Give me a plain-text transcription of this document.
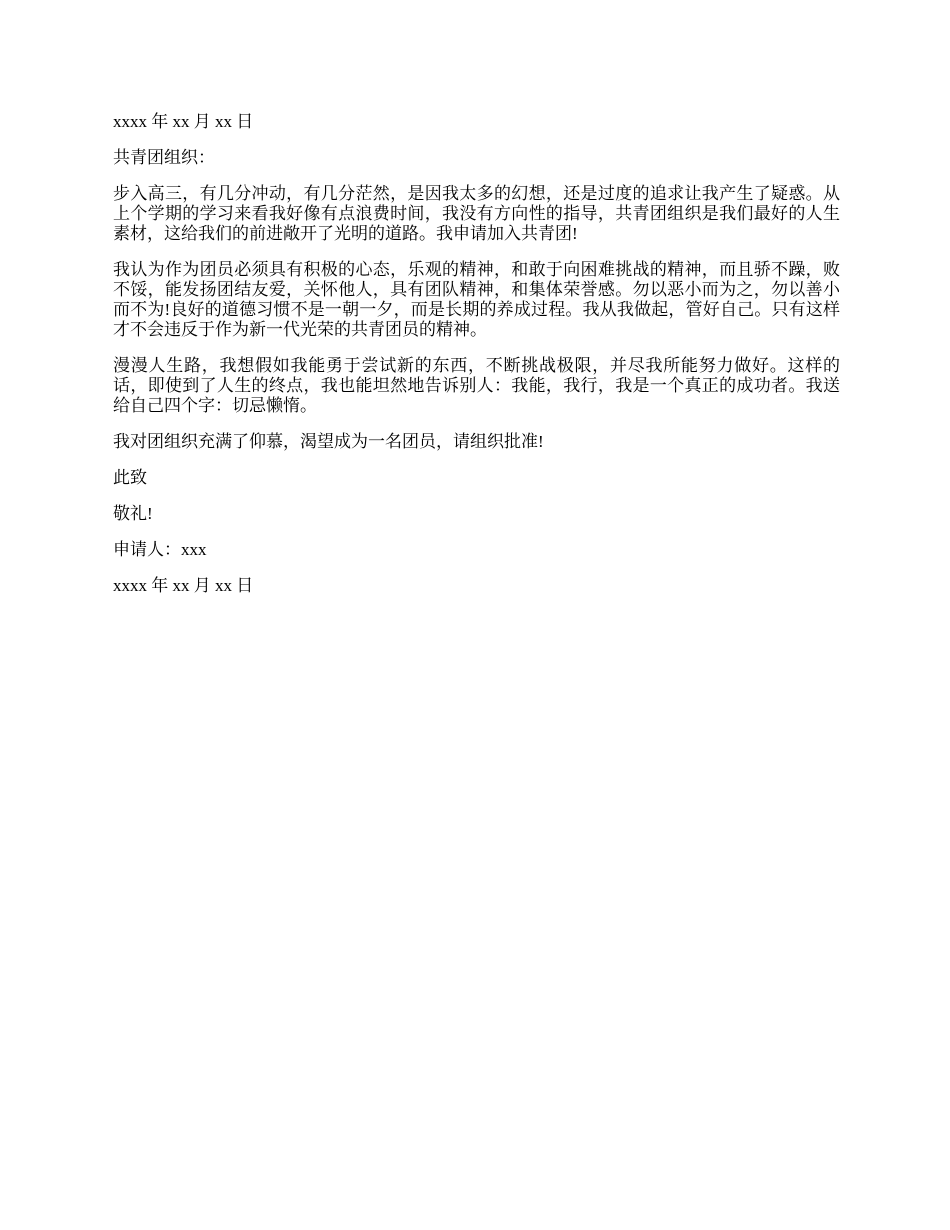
xxxx 年 xx 月 xx 日

共青团组织：

步入高三，有几分冲动，有几分茫然，是因我太多的幻想，还是过度的追求让我产生了疑惑。从上个学期的学习来看我好像有点浪费时间，我没有方向性的指导，共青团组织是我们最好的人生素材，这给我们的前进敞开了光明的道路。我申请加入共青团!

我认为作为团员必须具有积极的心态，乐观的精神，和敢于向困难挑战的精神，而且骄不躁，败不馁，能发扬团结友爱，关怀他人，具有团队精神，和集体荣誉感。勿以恶小而为之，勿以善小而不为!良好的道德习惯不是一朝一夕，而是长期的养成过程。我从我做起，管好自己。只有这样才不会违反于作为新一代光荣的共青团员的精神。

漫漫人生路，我想假如我能勇于尝试新的东西，不断挑战极限，并尽我所能努力做好。这样的话，即使到了人生的终点，我也能坦然地告诉别人：我能，我行，我是一个真正的成功者。我送给自己四个字：切忌懒惰。

我对团组织充满了仰慕，渴望成为一名团员，请组织批准!

此致

敬礼!

申请人：xxx

xxxx 年 xx 月 xx 日
